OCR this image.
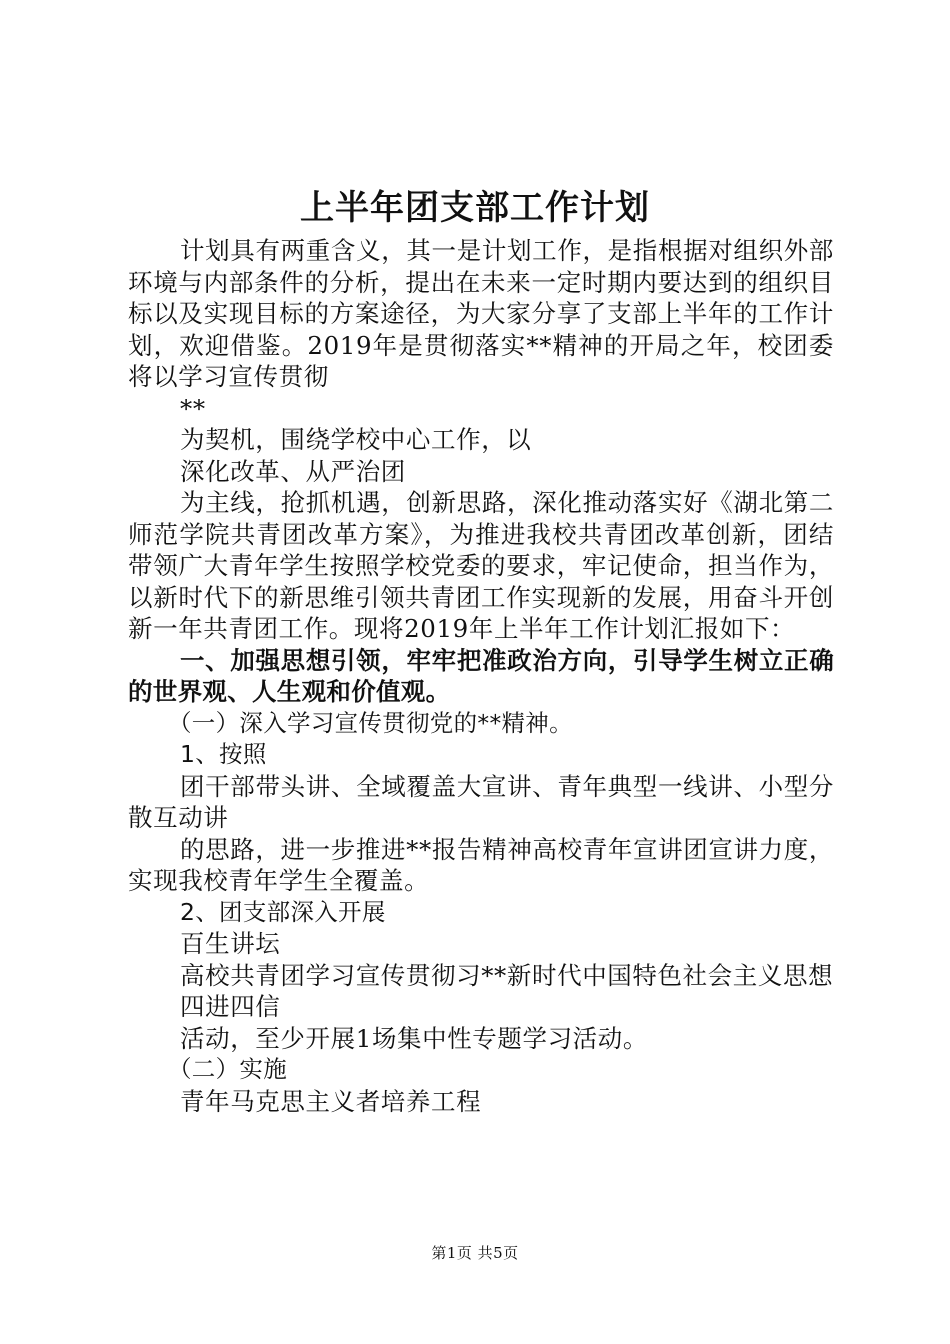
上半年团支部工作计划

计划具有两重含义，其一是计划工作，是指根据对组织外部环境与内部条件的分析，提出在未来一定时期内要达到的组织目标以及实现目标的方案途径，为大家分享了支部上半年的工作计划，欢迎借鉴。2019年是贯彻落实**精神的开局之年，校团委将以学习宣传贯彻

**

为契机，围绕学校中心工作，以

深化改革、从严治团

为主线，抢抓机遇，创新思路，深化推动落实好《湖北第二师范学院共青团改革方案》，为推进我校共青团改革创新，团结带领广大青年学生按照学校党委的要求，牢记使命，担当作为，以新时代下的新思维引领共青团工作实现新的发展，用奋斗开创新一年共青团工作。现将2019年上半年工作计划汇报如下：

一、加强思想引领，牢牢把准政治方向，引导学生树立正确的世界观、人生观和价值观。

（一）深入学习宣传贯彻党的**精神。

1、按照

团干部带头讲、全域覆盖大宣讲、青年典型一线讲、小型分散互动讲

的思路，进一步推进**报告精神高校青年宣讲团宣讲力度，实现我校青年学生全覆盖。

2、团支部深入开展

百生讲坛

高校共青团学习宣传贯彻习**新时代中国特色社会主义思想

四进四信

活动，至少开展1场集中性专题学习活动。

（二）实施

青年马克思主义者培养工程

第1页 共5页
